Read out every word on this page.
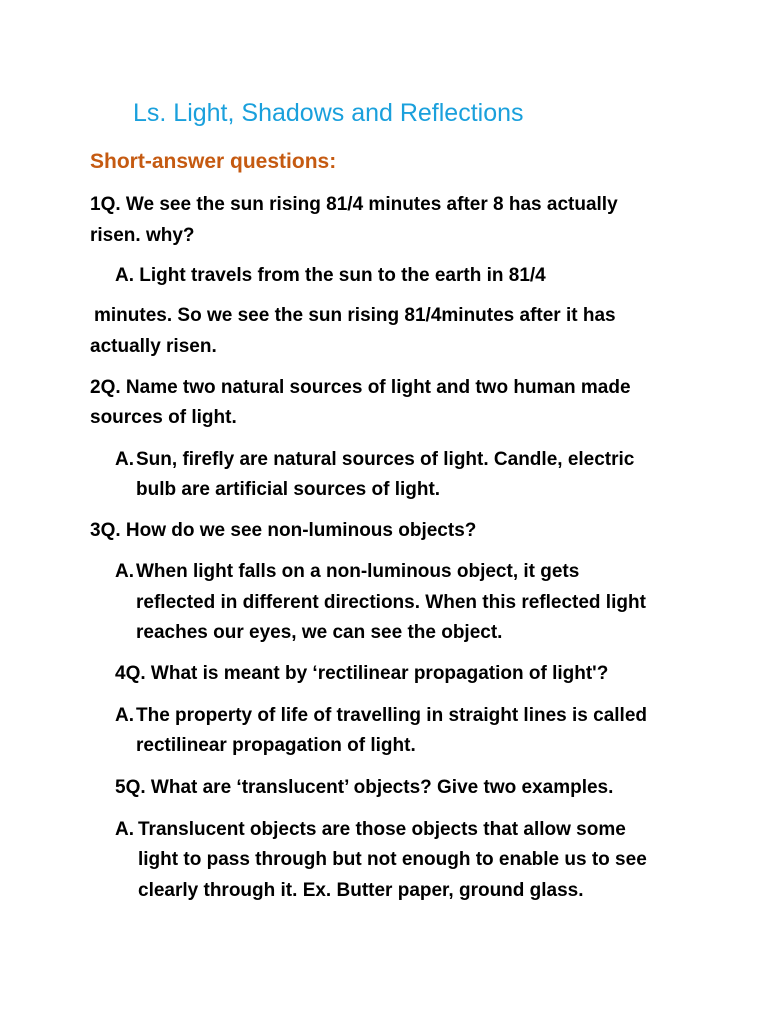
Ls. Light, Shadows and Reflections
Short-answer questions:
1Q. We see the sun rising 81/4 minutes after 8 has actually
risen. why?
A. Light travels from the sun to the earth in 81/4
minutes. So we see the sun rising 81/4minutes after it has
actually risen.
2Q. Name two natural sources of light and two human made
sources of light.
A. Sun, firefly are natural sources of light. Candle, electric
bulb are artificial sources of light.
3Q. How do we see non-luminous objects?
A. When light falls on a non-luminous object, it gets
reflected in different directions. When this reflected light
reaches our eyes, we can see the object.
4Q. What is meant by ‘rectilinear propagation of light'?
A. The property of life of travelling in straight lines is called
rectilinear propagation of light.
5Q. What are ‘translucent’ objects? Give two examples.
A. Translucent objects are those objects that allow some
light to pass through but not enough to enable us to see
clearly through it. Ex. Butter paper, ground glass.
